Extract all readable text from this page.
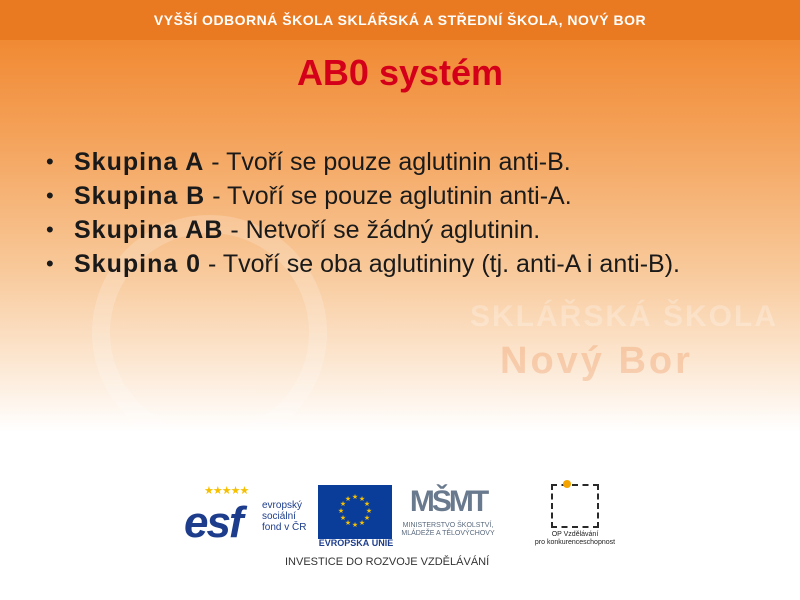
VYŠŠÍ ODBORNÁ ŠKOLA SKLÁŘSKÁ A STŘEDNÍ ŠKOLA, NOVÝ BOR
SKLÁŘSKÁ ŠKOLA
Nový Bor
AB0 systém
• Skupina A - Tvoří se pouze aglutinin anti-B.
• Skupina B - Tvoří se pouze aglutinin anti-A.
• Skupina AB - Netvoří se žádný aglutinin.
• Skupina 0 - Tvoří se oba aglutininy (tj. anti-A i anti-B).
★★★★★
esf evropský
sociální
fond v ČR
★ ★
★
★
★
★
★
★
★
★
★
★
EVROPSKÁ UNIE
MŠMT
MINISTERSTVO ŠKOLSTVÍ,
MLÁDEŽE A TĚLOVÝCHOVY	OP Vzdělávání
pro konkurenceschopnost
INVESTICE DO ROZVOJE VZDĚLÁVÁNÍ
